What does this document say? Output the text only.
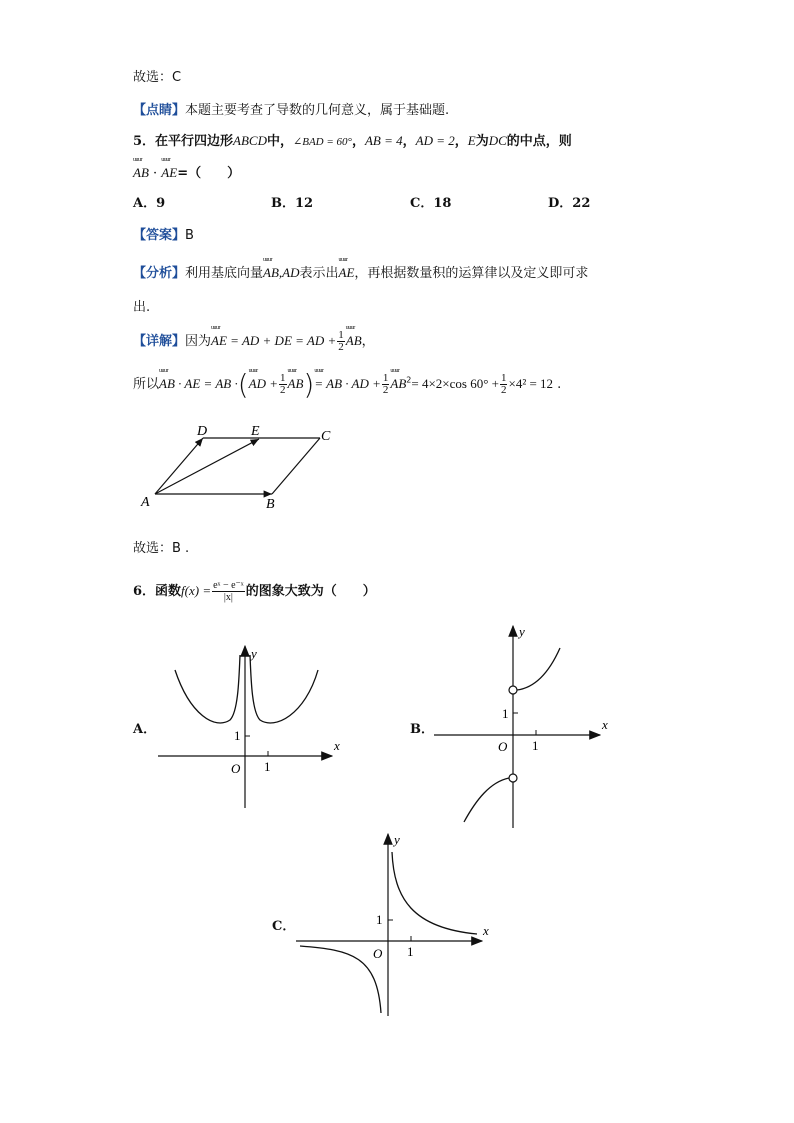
故选：C
【点睛】本题主要考查了导数的几何意义，属于基础题.
5．在平行四边形ABCD中，∠BAD = 60°，AB = 4，AD = 2，E为DC的中点，则
uuur AB · uuur AE=（　　）
A．9	B．12	C．18	D．22
【答案】B
【分析】利用基底向量uuur AB,AD表示出uuur AE，再根据数量积的运算律以及定义即可求
出.
【详解】因为uuur AE = AD + DE = AD + $\frac{1}{2}$ uuur AB，
所以uuur AB · AE = AB ·(uuur AD + $\frac{1}{2}$ uuur AB)uuur = AB · AD + $\frac{1}{2}$ uuur $AB^2= 4\times 2\times\cos$ $60^\circ + \frac{1}{2} \times 4^2 = 12$ .
D	E	C
A	B
故选：B .
6．函数$f(x) = \frac{\text{eˣ − e⁻ˣ}}{|x|}$ 的图象大致为（　　）
A．
y
x
O 1
1	B．
y
x
O 1
1
C．
y
x
O 1
1
